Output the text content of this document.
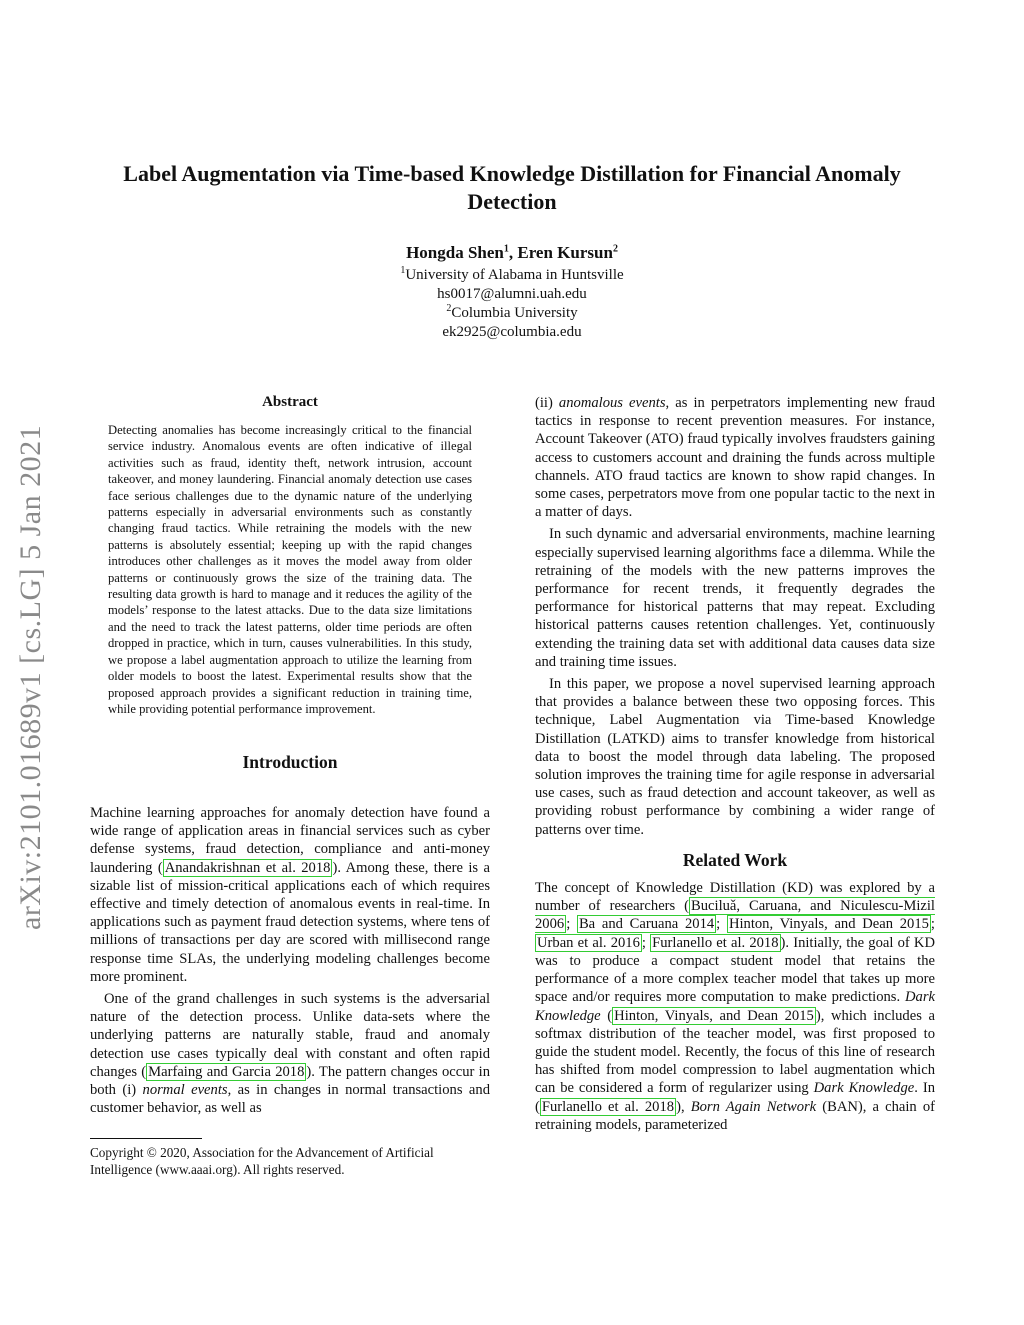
arXiv:2101.01689v1 [cs.LG] 5 Jan 2021
Label Augmentation via Time-based Knowledge Distillation for Financial Anomaly Detection
Hongda Shen$^1$, Eren Kursun$^2$
$^1$University of Alabama in Huntsville
hs0017@alumni.uah.edu
$^2$Columbia University
ek2925@columbia.edu
Abstract
Detecting anomalies has become increasingly critical to the financial service industry. Anomalous events are often indicative of illegal activities such as fraud, identity theft, network intrusion, account takeover, and money laundering. Financial anomaly detection use cases face serious challenges due to the dynamic nature of the underlying patterns especially in adversarial environments such as constantly changing fraud tactics. While retraining the models with the new patterns is absolutely essential; keeping up with the rapid changes introduces other challenges as it moves the model away from older patterns or continuously grows the size of the training data. The resulting data growth is hard to manage and it reduces the agility of the models’ response to the latest attacks. Due to the data size limitations and the need to track the latest patterns, older time periods are often dropped in practice, which in turn, causes vulnerabilities. In this study, we propose a label augmentation approach to utilize the learning from older models to boost the latest. Experimental results show that the proposed approach provides a significant reduction in training time, while providing potential performance improvement.
Introduction

Machine learning approaches for anomaly detection have found a wide range of application areas in financial services such as cyber defense systems, fraud detection, compliance and anti-money laundering ( Anandakrishnan et al. 2018 ). Among these, there is a sizable list of mission-critical applications each of which requires effective and timely detection of anomalous events in real-time. In applications such as payment fraud detection systems, where tens of millions of transactions per day are scored with millisecond range response time SLAs, the underlying modeling challenges become more prominent.

One of the grand challenges in such systems is the adversarial nature of the detection process. Unlike data-sets where the underlying patterns are naturally stable, fraud and anomaly detection use cases typically deal with constant and often rapid changes ( Marfaing and Garcia 2018 ). The pattern changes occur in both (i) normal events, as in changes in normal transactions and customer behavior, as well as

Copyright © 2020, Association for the Advancement of Artificial Intelligence (www.aaai.org). All rights reserved.

(ii) anomalous events, as in perpetrators implementing new fraud tactics in response to recent prevention measures. For instance, Account Takeover (ATO) fraud typically involves fraudsters gaining access to customers account and draining the funds across multiple channels. ATO fraud tactics are known to show rapid changes. In some cases, perpetrators move from one popular tactic to the next in a matter of days.

In such dynamic and adversarial environments, machine learning especially supervised learning algorithms face a dilemma. While the retraining of the models with the new patterns improves the performance for recent trends, it frequently degrades the performance for historical patterns that may repeat. Excluding historical patterns causes retention challenges. Yet, continuously extending the training data set with additional data causes data size and training time issues.

In this paper, we propose a novel supervised learning approach that provides a balance between these two opposing forces. This technique, Label Augmentation via Time-based Knowledge Distillation (LATKD) aims to transfer knowledge from historical data to boost the model through data labeling. The proposed solution improves the training time for agile response in adversarial use cases, such as fraud detection and account takeover, as well as providing robust performance by combining a wider range of patterns over time.

Related Work

The concept of Knowledge Distillation (KD) was explored by a number of researchers ( Buciluǎ, Caruana, and Niculescu-Mizil 2006 ; Ba and Caruana 2014 ; Hinton, Vinyals, and Dean 2015 ; Urban et al. 2016 ; Furlanello et al. 2018 ). Initially, the goal of KD was to produce a compact student model that retains the performance of a more complex teacher model that takes up more space and/or requires more computation to make predictions. Dark Knowledge ( Hinton, Vinyals, and Dean 2015 ), which includes a softmax distribution of the teacher model, was first proposed to guide the student model. Recently, the focus of this line of research has shifted from model compression to label augmentation which can be considered a form of regularizer using Dark Knowledge. In ( Furlanello et al. 2018 ), Born Again Network (BAN), a chain of retraining models, parameterized
